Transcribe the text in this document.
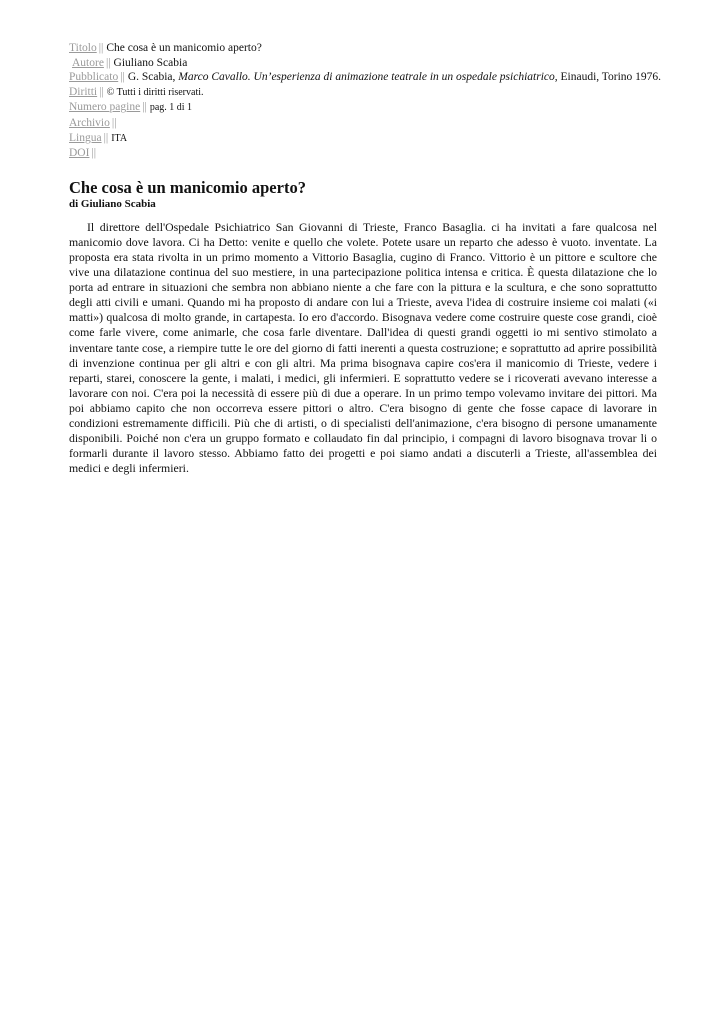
Titolo || Che cosa è un manicomio aperto?
Autore || Giuliano Scabia
Pubblicato || G. Scabia, Marco Cavallo. Un’esperienza di animazione teatrale in un ospedale psichiatrico, Einaudi, Torino 1976.
Diritti || © Tutti i diritti riservati.
Numero pagine || pag. 1 di 1
Archivio ||
Lingua || ITA
DOI ||
Che cosa è un manicomio aperto?

di Giuliano Scabia

Il direttore dell'Ospedale Psichiatrico San Giovanni di Trieste, Franco Basaglia. ci ha invitati a fare qualcosa nel manicomio dove lavora. Ci ha Detto: venite e quello che volete. Potete usare un reparto che adesso è vuoto. inventate. La proposta era stata rivolta in un primo momento a Vittorio Basaglia, cugino di Franco. Vittorio è un pittore e scultore che vive una dilatazione continua del suo mestiere, in una partecipazione politica intensa e critica. È questa dilatazione che lo porta ad entrare in situazioni che sembra non abbiano niente a che fare con la pittura e la scultura, e che sono soprattutto degli atti civili e umani. Quando mi ha proposto di andare con lui a Trieste, aveva l'idea di costruire insieme coi malati («i matti») qualcosa di molto grande, in cartapesta. Io ero d'accordo. Bisognava vedere come costruire queste cose grandi, cioè come farle vivere, come animarle, che cosa farle diventare. Dall'idea di questi grandi oggetti io mi sentivo stimolato a inventare tante cose, a riempire tutte le ore del giorno di fatti inerenti a questa costruzione; e soprattutto ad aprire possibilità di invenzione continua per gli altri e con gli altri. Ma prima bisognava capire cos'era il manicomio di Trieste, vedere i reparti, starei, conoscere la gente, i malati, i medici, gli infermieri. E soprattutto vedere se i ricoverati avevano interesse a lavorare con noi. C'era poi la necessità di essere più di due a operare. In un primo tempo volevamo invitare dei pittori. Ma poi abbiamo capito che non occorreva essere pittori o altro. C'era bisogno di gente che fosse capace di lavorare in condizioni estremamente difficili. Più che di artisti, o di specialisti dell'animazione, c'era bisogno di persone umanamente disponibili. Poiché non c'era un gruppo formato e collaudato fin dal principio, i compagni di lavoro bisognava trovar li o formarli durante il lavoro stesso. Abbiamo fatto dei progetti e poi siamo andati a discuterli a Trieste, all'assemblea dei medici e degli infermieri.
